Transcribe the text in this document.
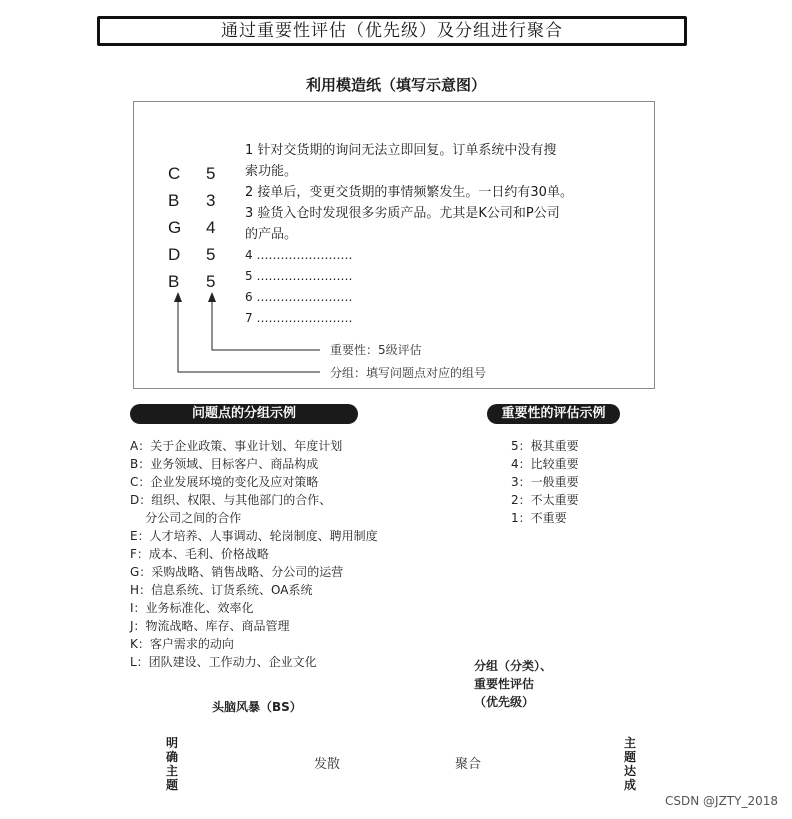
通过重要性评估（优先级）及分组进行聚合
利用模造纸（填写示意图）
C
B
G
D
B
5
3
4
5
5
1 针对交货期的询问无法立即回复。订单系统中没有搜
索功能。
2 接单后，变更交货期的事情频繁发生。一日约有30单。
3 验货入仓时发现很多劣质产品。尤其是K公司和P公司
的产品。
4 ……………………
5 ……………………
6 ……………………
7 ……………………
重要性：5级评估
分组：填写问题点对应的组号
问题点的分组示例
A：关于企业政策、事业计划、年度计划
B：业务领域、目标客户、商品构成
C：企业发展环境的变化及应对策略
D：组织、权限、与其他部门的合作、
分公司之间的合作
E：人才培养、人事调动、轮岗制度、聘用制度
F：成本、毛利、价格战略
G：采购战略、销售战略、分公司的运营
H：信息系统、订货系统、OA系统
I：业务标准化、效率化
J：物流战略、库存、商品管理
K：客户需求的动向
L：团队建设、工作动力、企业文化
重要性的评估示例
5：极其重要
4：比较重要
3：一般重要
2：不太重要
1：不重要
分组（分类）、
重要性评估
（优先级）
头脑风暴（BS）
明确主题
发散	聚合
主题达成
CSDN @JZTY_2018
